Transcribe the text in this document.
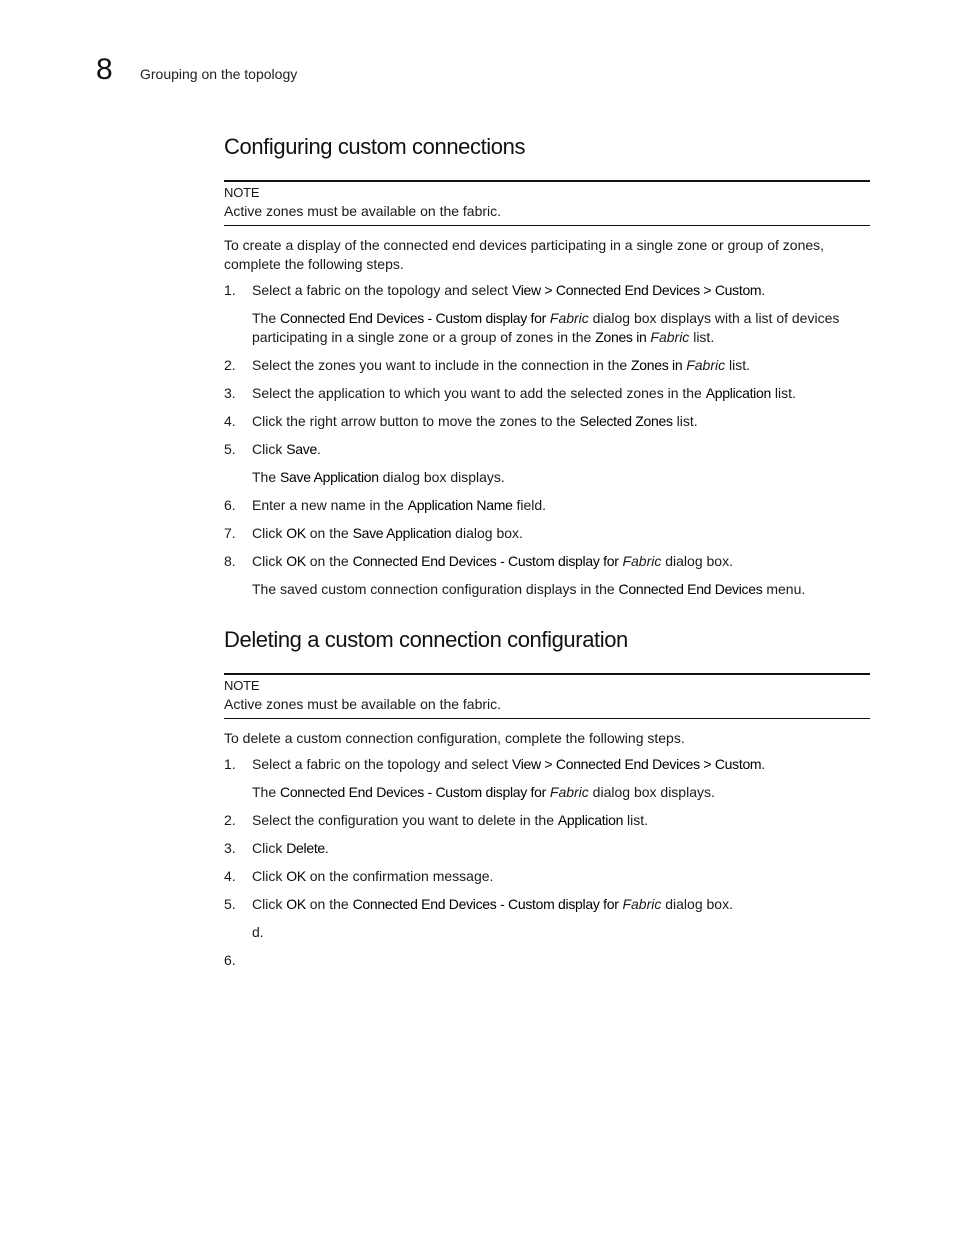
8 Grouping on the topology
Configuring custom connections
NOTE
Active zones must be available on the fabric.

To create a display of the connected end devices participating in a single zone or group of zones, complete the following steps.

1.	Select a fabric on the topology and select View > Connected End Devices > Custom.
The Connected End Devices - Custom display for Fabric dialog box displays with a list of devices participating in a single zone or a group of zones in the Zones in Fabric list.
2.	Select the zones you want to include in the connection in the Zones in Fabric list.
3.	Select the application to which you want to add the selected zones in the Application list.
4.	Click the right arrow button to move the zones to the Selected Zones list.
5.	Click Save.
The Save Application dialog box displays.
6.	Enter a new name in the Application Name field.
7.	Click OK on the Save Application dialog box.
8.	Click OK on the Connected End Devices - Custom display for Fabric dialog box.
The saved custom connection configuration displays in the Connected End Devices menu.
Deleting a custom connection configuration
NOTE
Active zones must be available on the fabric.

To delete a custom connection configuration, complete the following steps.

1.	Select a fabric on the topology and select View > Connected End Devices > Custom.
The Connected End Devices - Custom display for Fabric dialog box displays.
2.	Select the configuration you want to delete in the Application list.
3.	Click Delete.
4.	Click OK on the confirmation message.
5.	Click OK on the Connected End Devices - Custom display for Fabric dialog box.
d.
6.
